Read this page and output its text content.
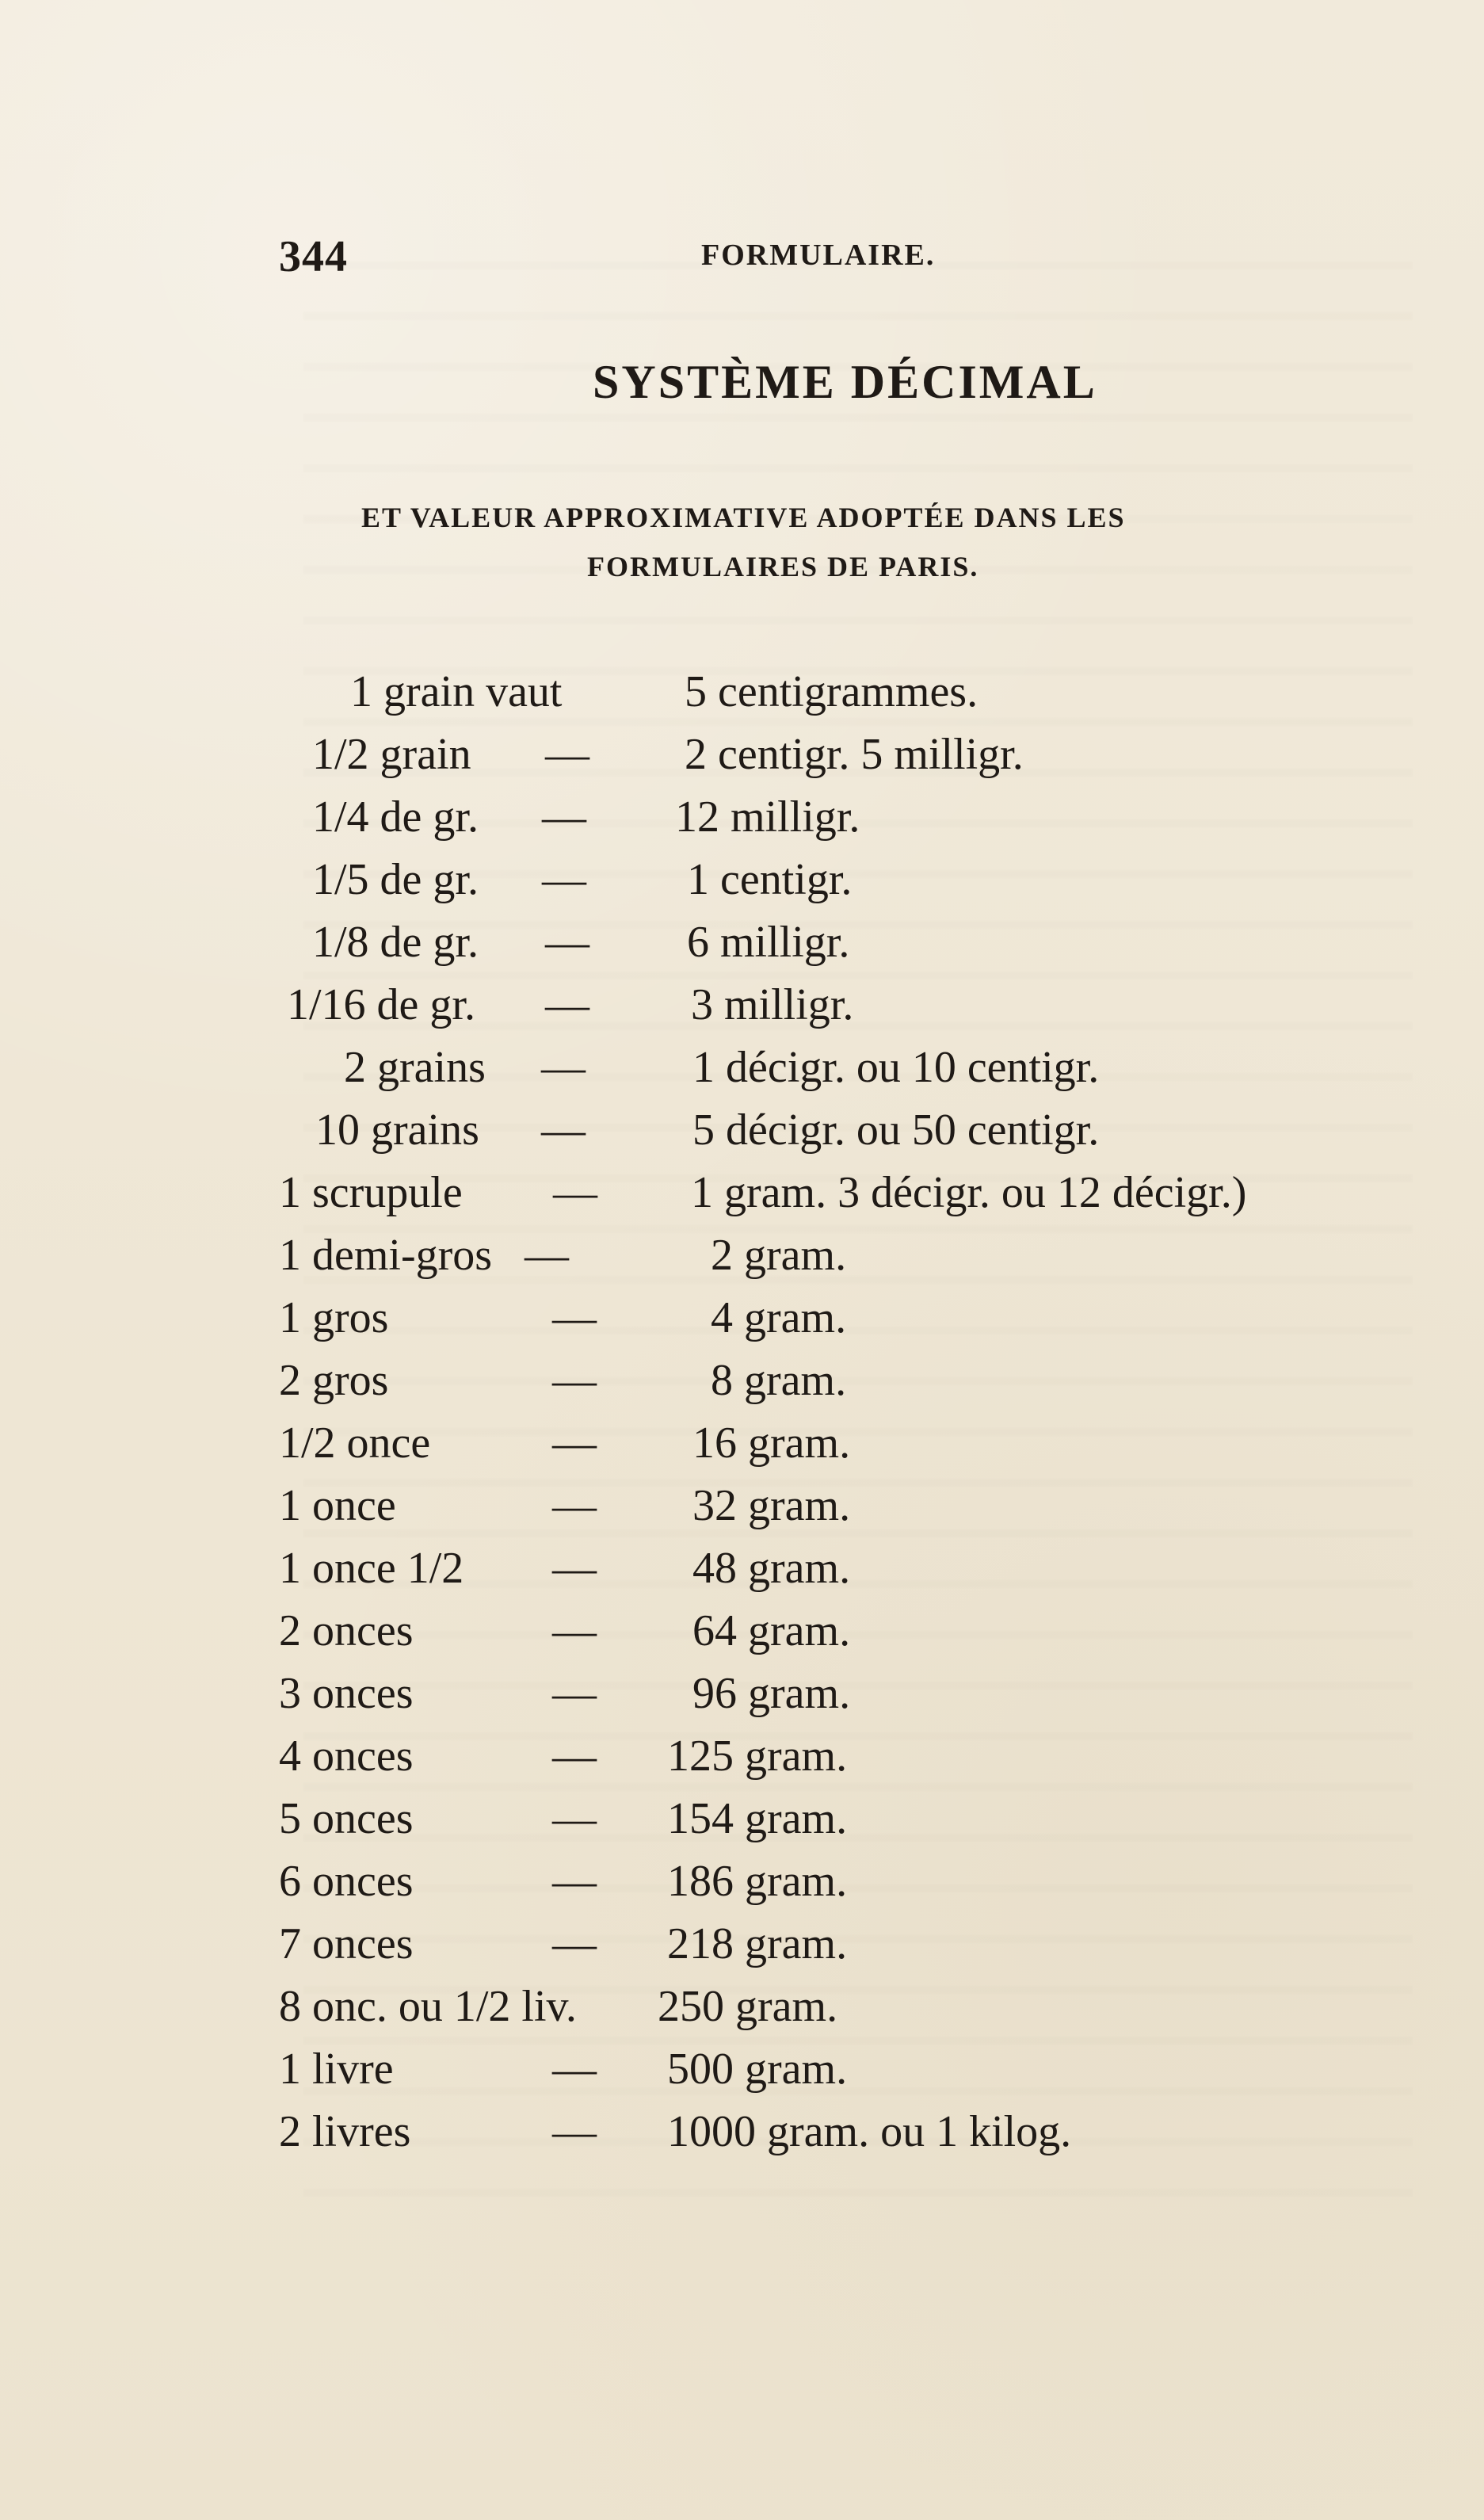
344	FORMULAIRE.
SYSTÈME DÉCIMAL
ET VALEUR APPROXIMATIVE ADOPTÉE DANS LES
FORMULAIRES DE PARIS.
1 grain vaut	5 centigrammes.
1/2 grain — 2 centigr. 5 milligr.
1/4 de gr. — 12 milligr.
1/5 de gr. — 1 centigr.
1/8 de gr. — 6 milligr.
1/16 de gr. — 3 milligr.
2 grains — 1 décigr. ou 10 centigr.
10 grains — 5 décigr. ou 50 centigr.
1 scrupule — 1 gram. 3 décigr. ou 12 décigr.)
1 demi-gros —	2 gram.
1 gros	—	4 gram.
2 gros	—	8 gram.
1/2 once	— 16 gram.
1 once	— 32 gram.
1 once 1/2 — 48 gram.
2 onces	— 64 gram.
3 onces	— 96 gram.
4 onces	— 125 gram.
5 onces	— 154 gram.
6 onces	— 186 gram.
7 onces	— 218 gram.
8 onc. ou 1/2 liv. 250 gram.
1 livre	— 500 gram.
2 livres	— 1000 gram. ou 1 kilog.
